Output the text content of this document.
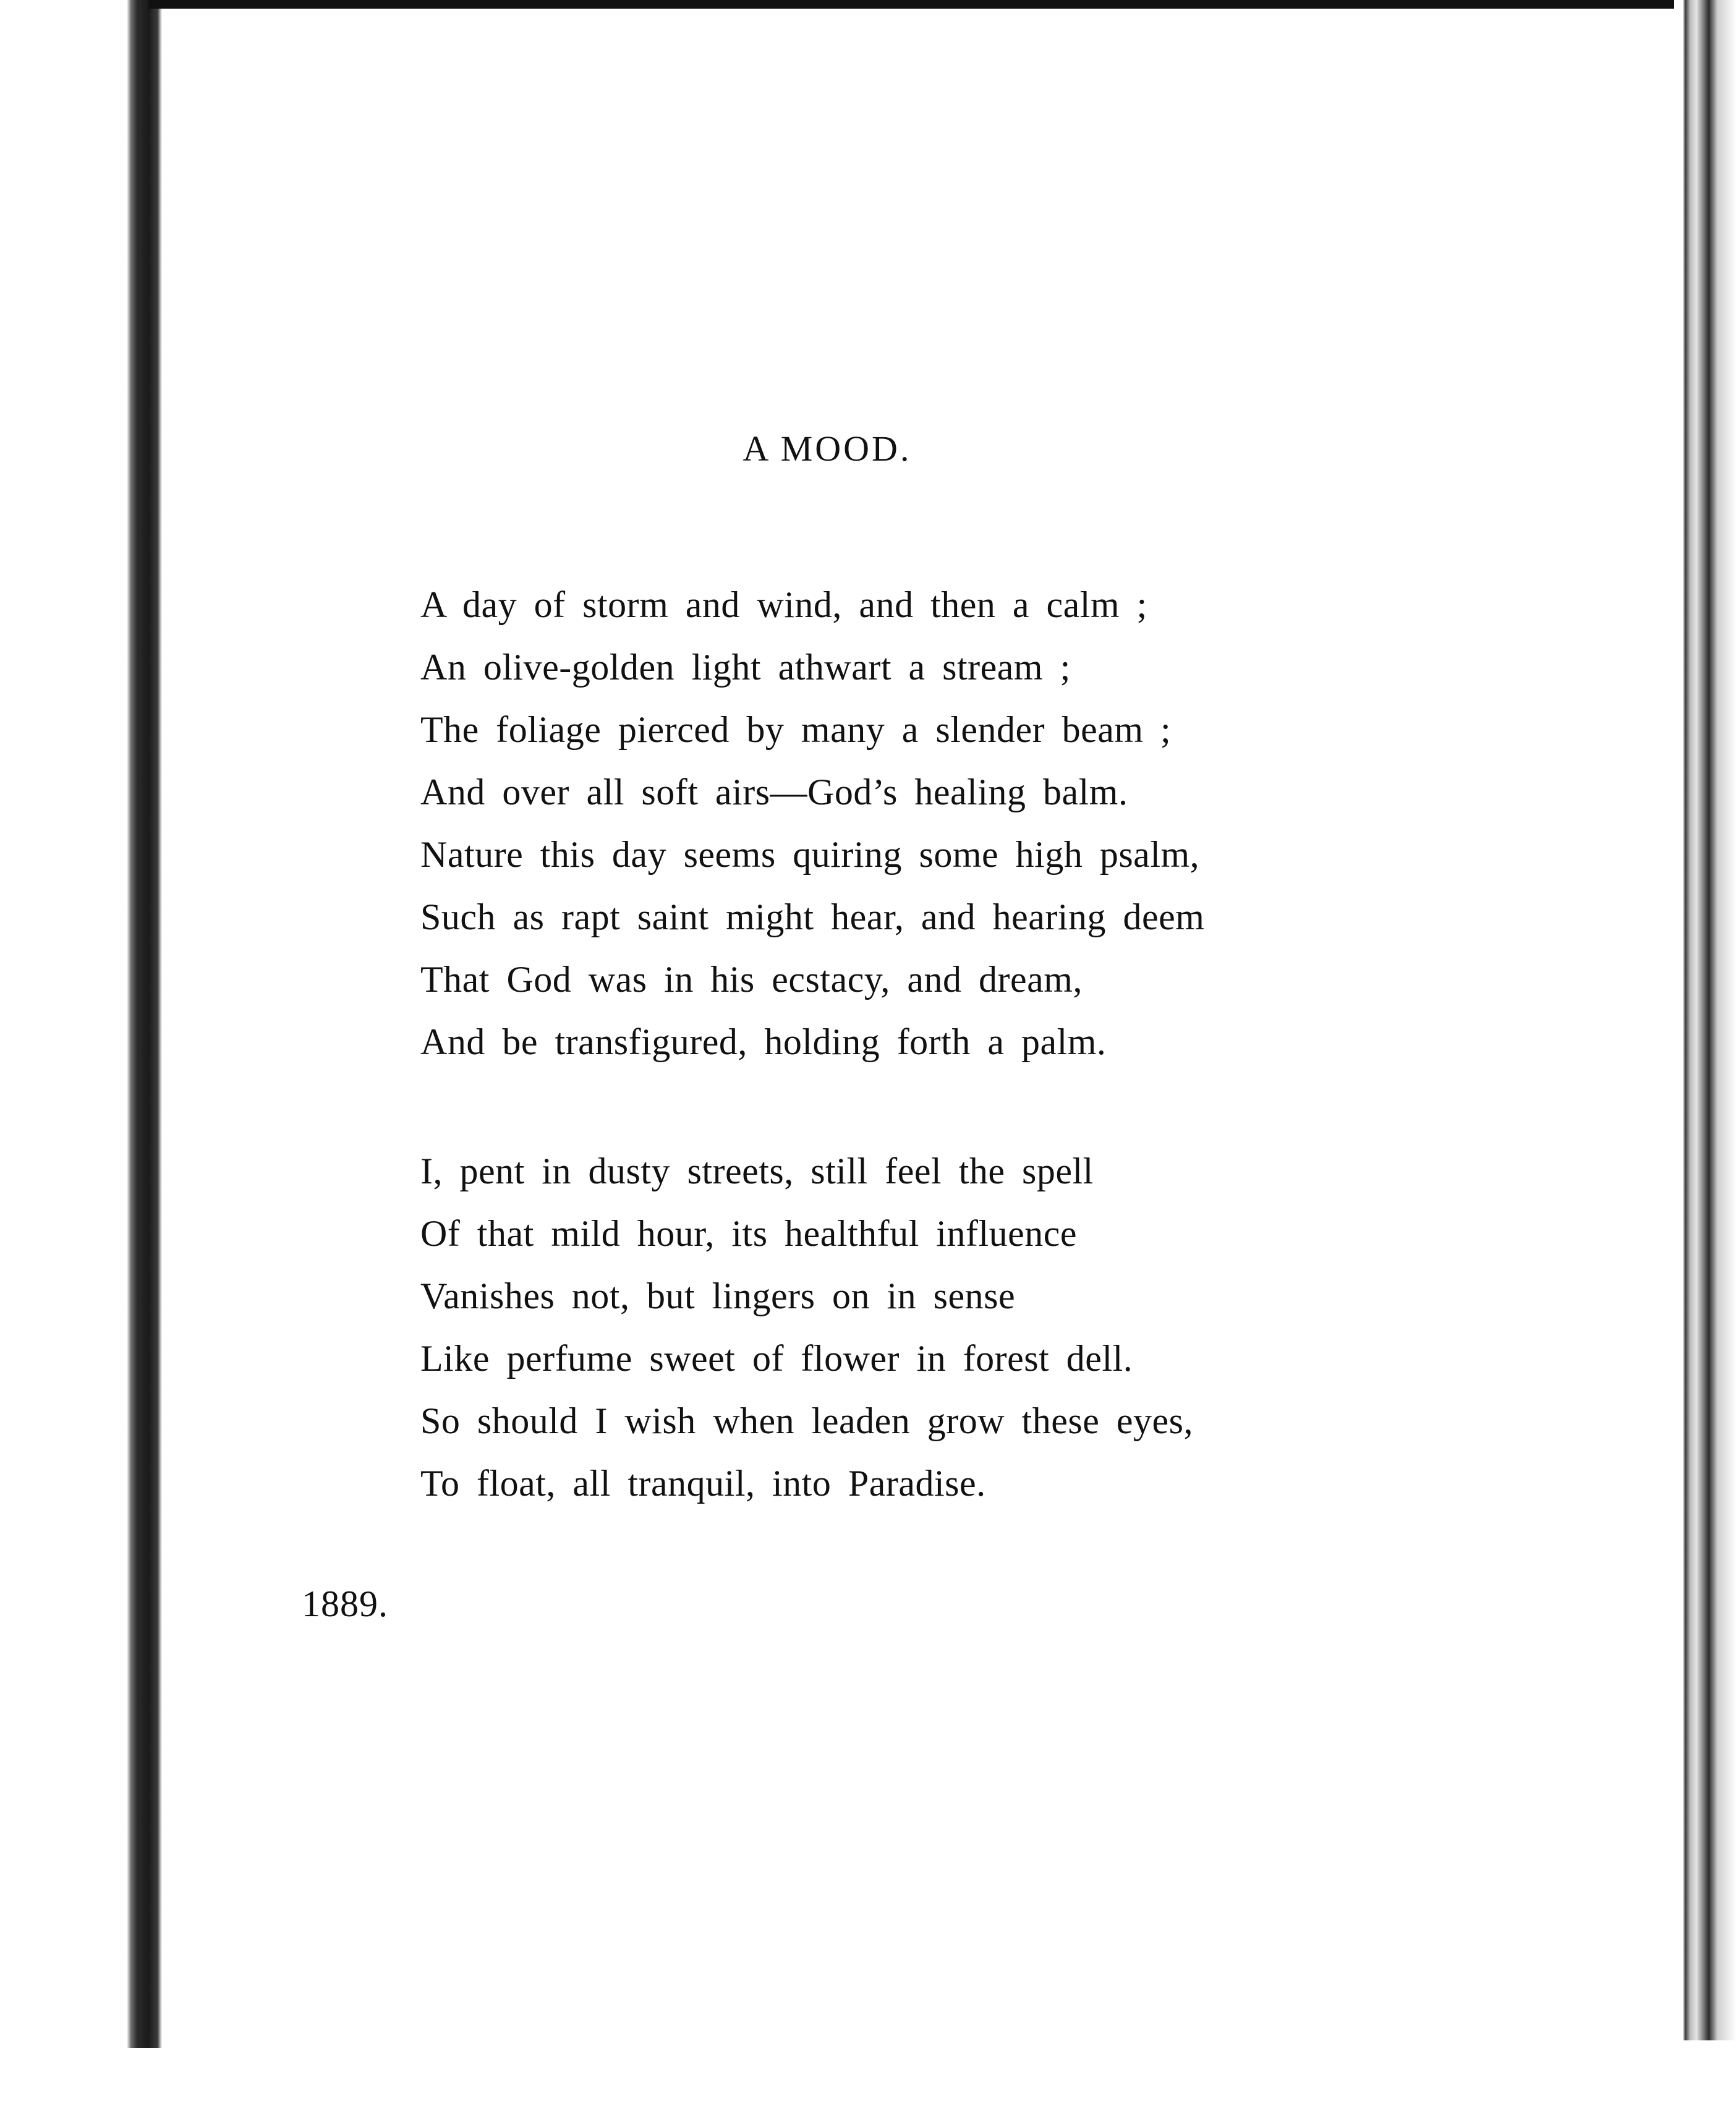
A MOOD.
A day of storm and wind, and then a calm ;
An olive-golden light athwart a stream ;
The foliage pierced by many a slender beam ;
And over all soft airs—God’s healing balm.
Nature this day seems quiring some high psalm,
Such as rapt saint might hear, and hearing deem
That God was in his ecstacy, and dream,
And be transfigured, holding forth a palm.
I, pent in dusty streets, still feel the spell
Of that mild hour, its healthful influence
Vanishes not, but lingers on in sense
Like perfume sweet of flower in forest dell.
So should I wish when leaden grow these eyes,
To float, all tranquil, into Paradise.
1889.
